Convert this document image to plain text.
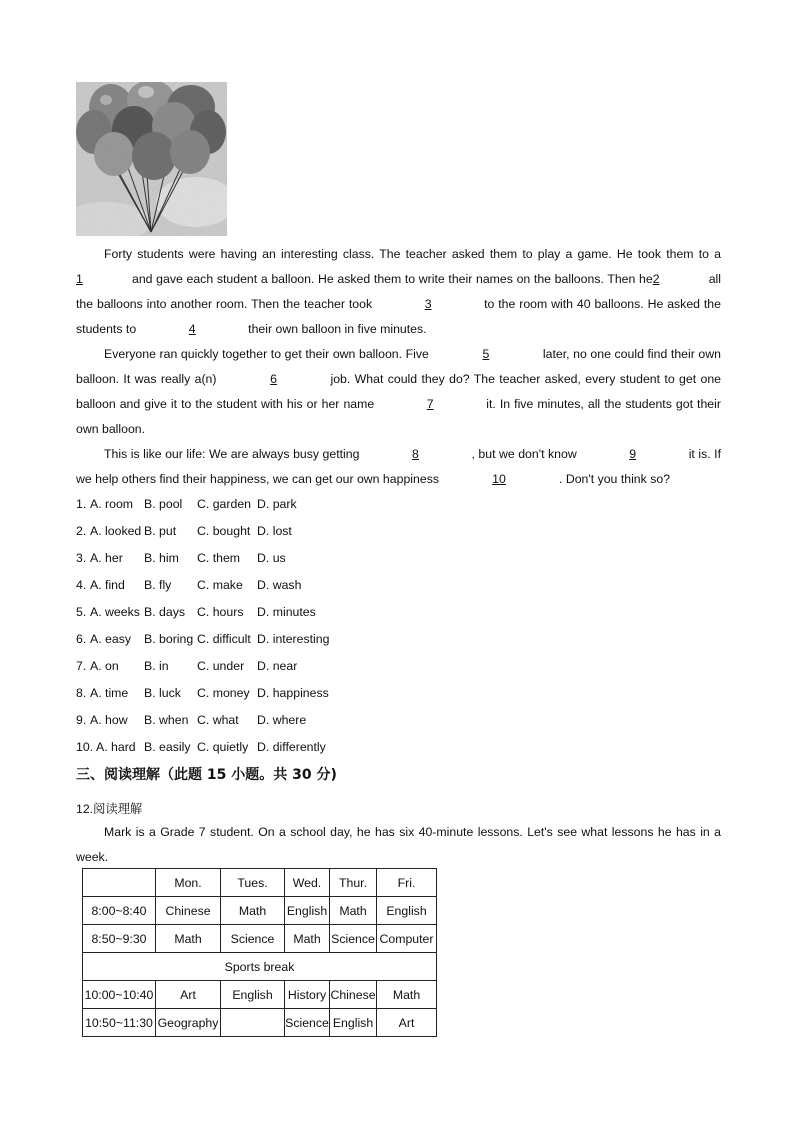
Forty students were having an interesting class. The teacher asked them to play a game. He took them to a 1	and gave each student a balloon. He asked them to write their names on the balloons. Then he2	all the balloons into another room. Then the teacher took	3	to the room with 40 balloons. He asked the students to	4	their own balloon in five minutes.
Everyone ran quickly together to get their own balloon. Five	5	later, no one could find their own balloon. It was really a(n)	6	job. What could they do? The teacher asked, every student to get one balloon and give it to the student with his or her name	7	it. In five minutes, all the students got their own balloon.
This is like our life: We are always busy getting	8	, but we don't know	9	it is. If we help others find their happiness, we can get our own happiness	10	. Don't you think so?
1. A. room B. pool	C. garden D. park
2. A. looked B. put	C. bought D. lost
3. A. her	B. him	C. them	D. us
4. A. find	B. fly	C. make	D. wash
5. A. weeks B. days C. hours	D. minutes
6. A. easy	B. boring C. difficult D. interesting
7. A. on	B. in	C. under	D. near
8. A. time	B. luck	C. money D. happiness
9. A. how	B. when C. what	D. where
10. A. hard B. easily C. quietly D. differently
三、阅读理解（此题 15 小题。共 30 分)
12.阅读理解
Mark is a Grade 7 student. On a school day, he has six 40-minute lessons. Let's see what lessons he has in a week.
	Mon.	Tues.	Wed.	Thur.	Fri.
8:00~8:40	Chinese	Math	English	Math	English
8:50~9:30	Math	Science	Math	Science	Computer
Sports break					
10:00~10:40	Art	English	History	Chinese	Math
10:50~11:30	Geography		Science	English	Art
